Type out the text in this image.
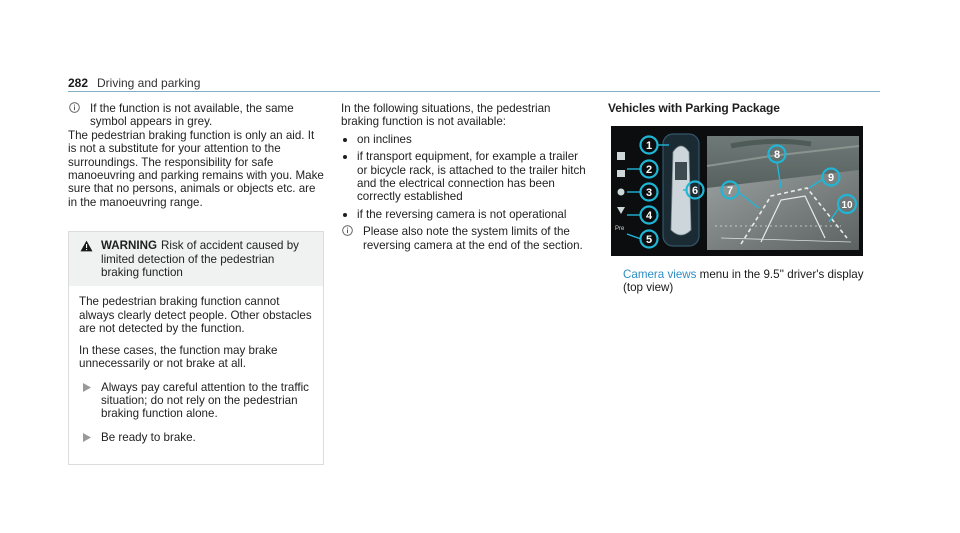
282 Driving and parking

If the function is not available, the same symbol appears in grey.

The pedestrian braking function is only an aid. It is not a substitute for your attention to the surroundings. The responsibility for safe manoeuvring and parking remains with you. Make sure that no persons, animals or objects etc. are in the manoeuvring range.

WARNING Risk of accident caused by limited detection of the pedestrian braking function

The pedestrian braking function cannot always clearly detect people. Other obstacles are not detected by the function.

In these cases, the function may brake unnecessarily or not brake at all.

Always pay careful attention to the traffic situation; do not rely on the pedestrian braking function alone.

Be ready to brake.

In the following situations, the pedestrian braking function is not available:

on inclines
if transport equipment, for example a trailer or bicycle rack, is attached to the trailer hitch and the electrical connection has been correctly established
if the reversing camera is not operational

Please also note the system limits of the reversing camera at the end of the section.

Vehicles with Parking Package
Pre
1
2
3
4
5
6	7
8
9
10
Camera views menu in the 9.5'' driver's display (top view)
